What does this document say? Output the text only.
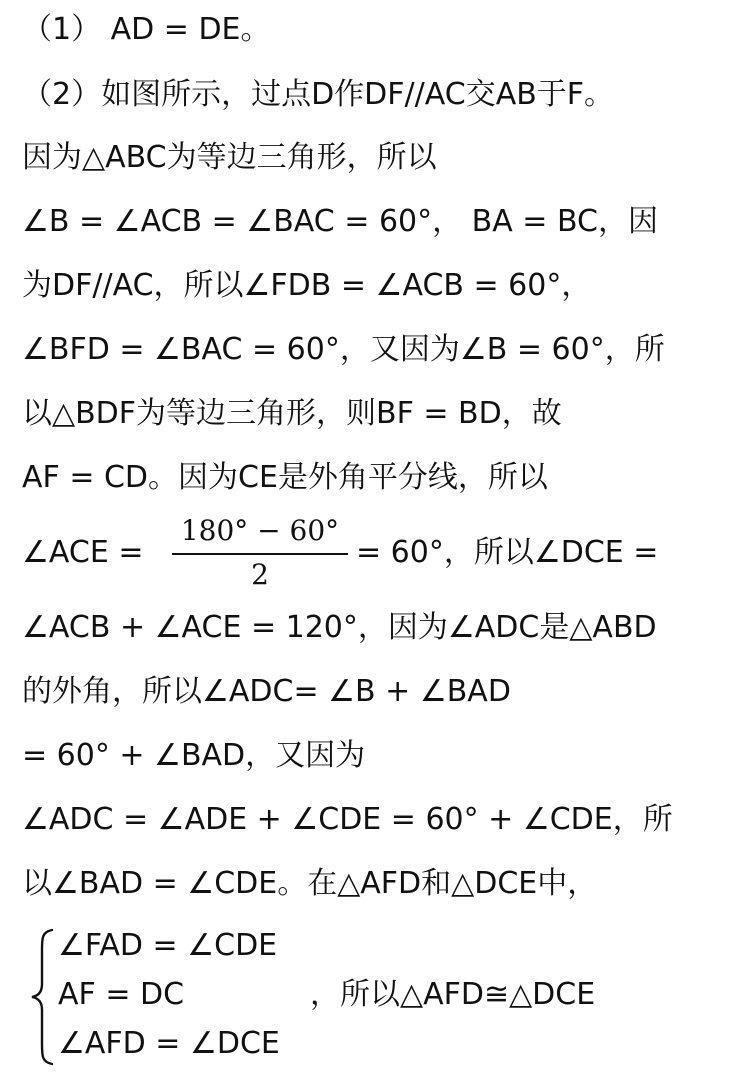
（1） AD = DE。
（2）如图所示，过点D作DF//AC交AB于F。
因为△ABC为等边三角形，所以
∠B = ∠ACB = ∠BAC = 60°， BA = BC，因
为DF//AC，所以∠FDB = ∠ACB = 60°，
∠BFD = ∠BAC = 60°，又因为∠B = 60°，所
以△BDF为等边三角形，则BF = BD，故
AF = CD。因为CE是外角平分线，所以
∠ACE =
180° − 60°
2
= 60°，所以∠DCE =
∠ACB + ∠ACE = 120°，因为∠ADC是△ABD
的外角，所以∠ADC= ∠B + ∠BAD
= 60° + ∠BAD，又因为
∠ADC = ∠ADE + ∠CDE = 60° + ∠CDE，所
以∠BAD = ∠CDE。在△AFD和△DCE中，
∠FAD = ∠CDE
AF = DC
∠AFD = ∠DCE
，所以△AFD≅△DCE
